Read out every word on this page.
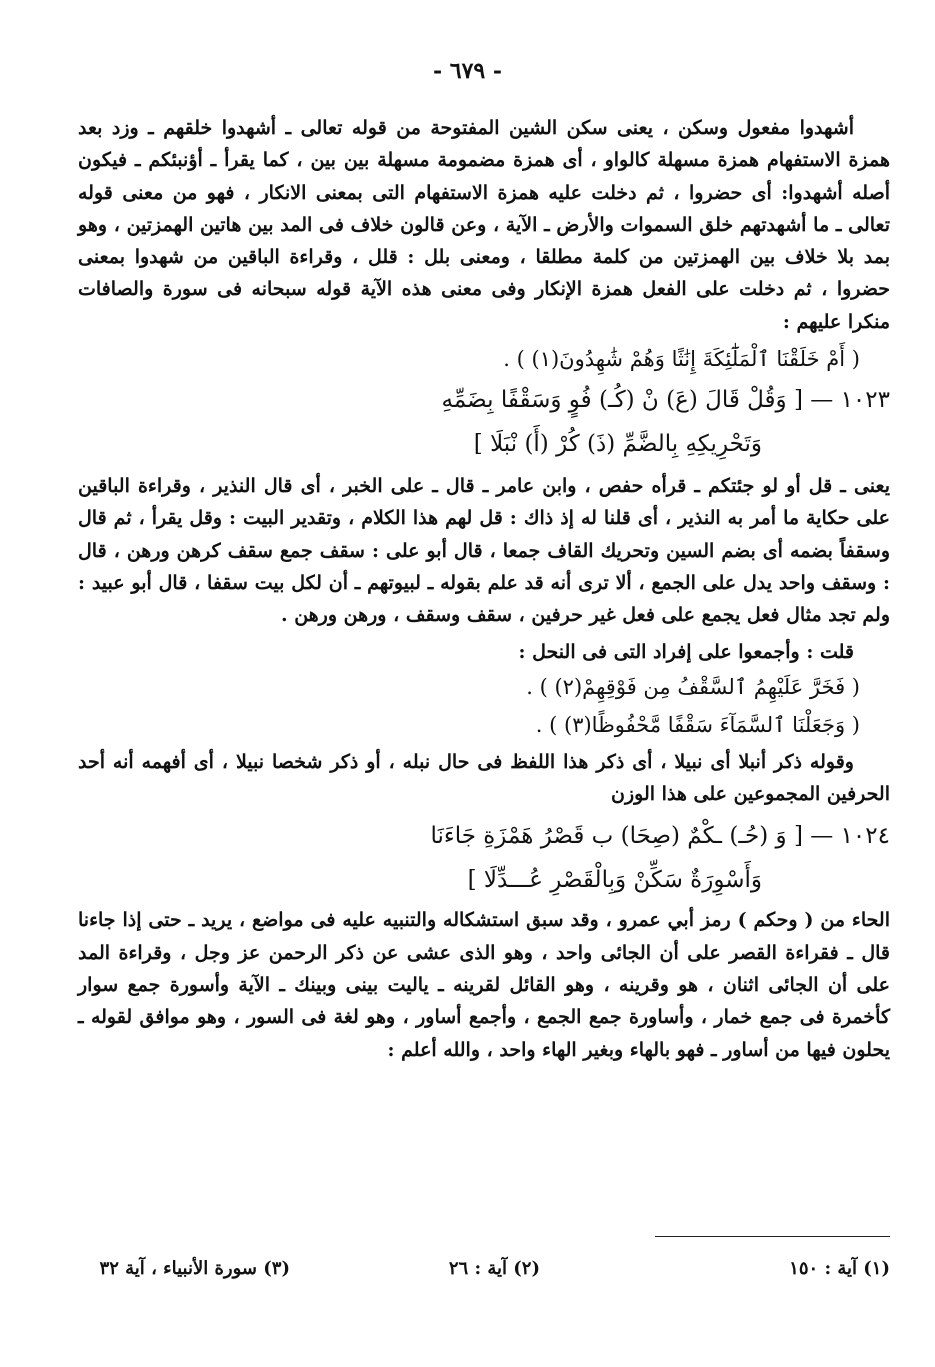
- ٦٧٩ -

أشهدوا مفعول وسكن ، يعنى سكن الشين المفتوحة من قوله تعالى ـ أشهدوا خلقهم ـ وزد بعد همزة الاستفهام همزة مسهلة كالواو ، أى همزة مضمومة مسهلة بين بين ، كما يقرأ ـ أؤنبئكم ـ فيكون أصله أشهدوا: أى حضروا ، ثم دخلت عليه همزة الاستفهام التى بمعنى الانكار ، فهو من معنى قوله تعالى ـ ما أشهدتهم خلق السموات والأرض ـ الآية ، وعن قالون خلاف فى المد بين هاتين الهمزتين ، وهو بمد بلا خلاف بين الهمزتين من كلمة مطلقا ، ومعنى بلل : قلل ، وقراءة الباقين من شهدوا بمعنى حضروا ، ثم دخلت على الفعل همزة الإنكار وفى معنى هذه الآية قوله سبحانه فى سورة والصافات منكرا عليهم :

( أَمْ خَلَقْنَا ٱلْمَلَٰٓئِكَةَ إِنَٰثًا وَهُمْ شَٰهِدُونَ(١) ) .

١٠٢٣ — [ وَقُلْ قَالَ (عَ) نْ (كُـ) فُوٍ وَسَقْفًا بِضَمِّهِ

وَتَحْرِيكِهِ بِالضَّمِّ (ذَ) كُرْ (أَ) نْبَلَا ]

يعنى ـ قل أو لو جئتكم ـ قرأه حفص ، وابن عامر ـ قال ـ على الخبر ، أى قال النذير ، وقراءة الباقين على حكاية ما أمر به النذير ، أى قلنا له إذ ذاك : قل لهم هذا الكلام ، وتقدير البيت : وقل يقرأ ، ثم قال وسقفاً بضمه أى بضم السين وتحريك القاف جمعا ، قال أبو على : سقف جمع سقف كرهن ورهن ، قال : وسقف واحد يدل على الجمع ، ألا ترى أنه قد علم بقوله ـ لبيوتهم ـ أن لكل بيت سقفا ، قال أبو عبيد : ولم تجد مثال فعل يجمع على فعل غير حرفين ، سقف وسقف ، ورهن ورهن .

قلت : وأجمعوا على إفراد التى فى النحل :

( فَخَرَّ عَلَيْهِمُ ٱلسَّقْفُ مِن فَوْقِهِمْ(٢) ) .

( وَجَعَلْنَا ٱلسَّمَآءَ سَقْفًا مَّحْفُوظًا(٣) ) .

وقوله ذكر أنبلا أى نبيلا ، أى ذكر هذا اللفظ فى حال نبله ، أو ذكر شخصا نبيلا ، أى أفهمه أنه أحد الحرفين المجموعين على هذا الوزن

١٠٢٤ — [ وَ (حُـ) ـكْمٌ (صِحَا) ب قَصْرُ هَمْزَةِ جَاءَنَا

وَأَسْوِرَةٌ سَكِّنْ وَبِالْقَصْرِ عُـــدِّلَا ]

الحاء من ( وحكم ) رمز أبي عمرو ، وقد سبق استشكاله والتنبيه عليه فى مواضع ، يريد ـ حتى إذا جاءنا قال ـ فقراءة القصر على أن الجائى واحد ، وهو الذى عشى عن ذكر الرحمن عز وجل ، وقراءة المد على أن الجائى اثنان ، هو وقرينه ، وهو القائل لقرينه ـ ياليت بينى وبينك ـ الآية وأسورة جمع سوار كأخمرة فى جمع خمار ، وأساورة جمع الجمع ، وأجمع أساور ، وهو لغة فى السور ، وهو موافق لقوله ـ يحلون فيها من أساور ـ فهو بالهاء وبغير الهاء واحد ، والله أعلم :

(١) آية : ١٥٠
(٢) آية : ٢٦
(٣) سورة الأنبياء ، آية ٣٢
